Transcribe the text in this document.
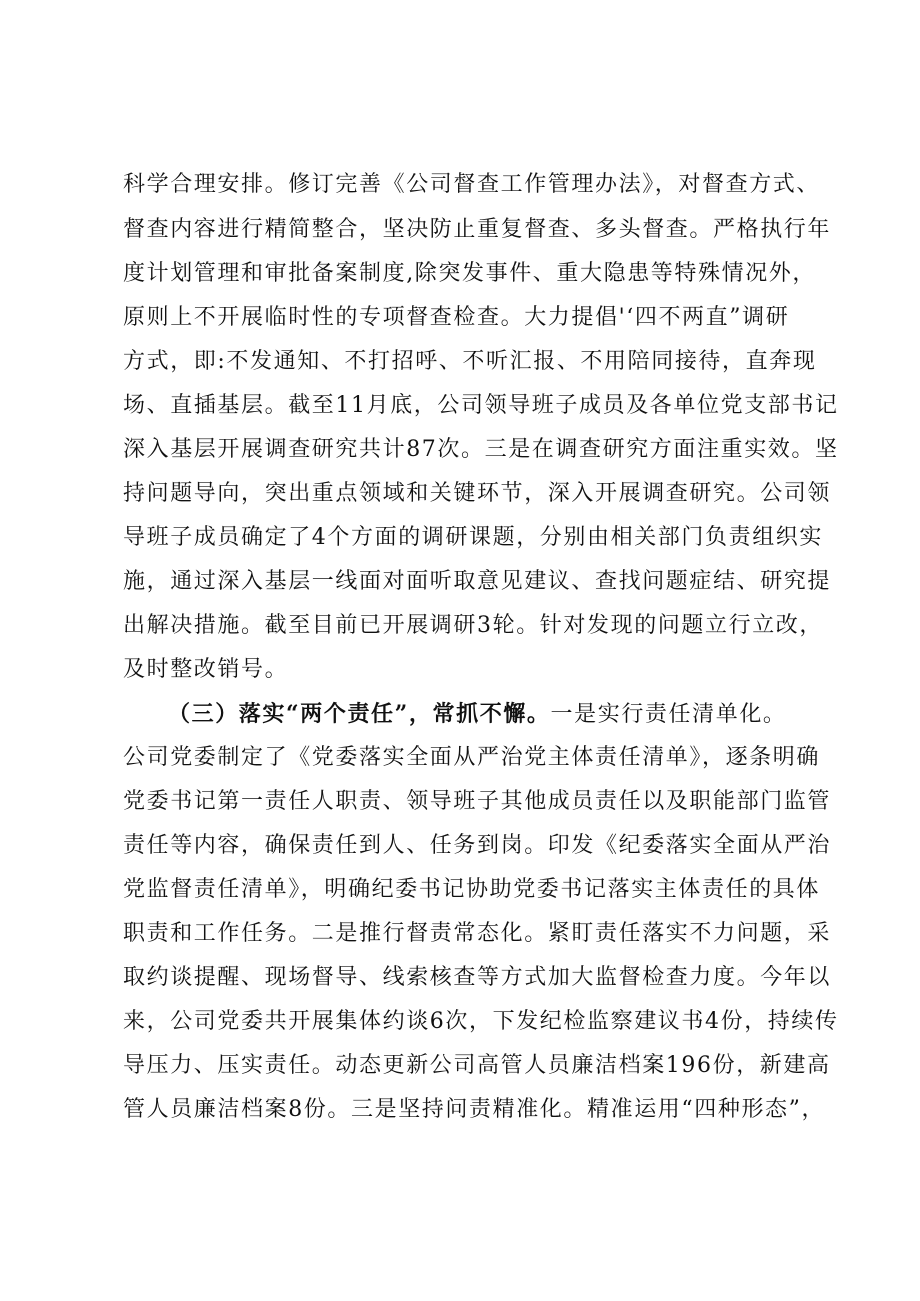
科学合理安排。修订完善《公司督查工作管理办法》，对督查方式、
督查内容进行精简整合，坚决防止重复督查、多头督查。严格执行年
度计划管理和审批备案制度,除突发事件、重大隐患等特殊情况外，
原则上不开展临时性的专项督查检查。大力提倡'‘四不两直”调研
方式，即:不发通知、不打招呼、不听汇报、不用陪同接待，直奔现
场、直插基层。截至11月底，公司领导班子成员及各单位党支部书记
深入基层开展调查研究共计87次。三是在调查研究方面注重实效。坚
持问题导向，突出重点领域和关键环节，深入开展调查研究。公司领
导班子成员确定了4个方面的调研课题，分别由相关部门负责组织实
施，通过深入基层一线面对面听取意见建议、查找问题症结、研究提
出解决措施。截至目前已开展调研3轮。针对发现的问题立行立改，
及时整改销号。
（三）落实“两个责任”，常抓不懈。一是实行责任清单化。
公司党委制定了《党委落实全面从严治党主体责任清单》，逐条明确
党委书记第一责任人职责、领导班子其他成员责任以及职能部门监管
责任等内容，确保责任到人、任务到岗。印发《纪委落实全面从严治
党监督责任清单》，明确纪委书记协助党委书记落实主体责任的具体
职责和工作任务。二是推行督责常态化。紧盯责任落实不力问题，采
取约谈提醒、现场督导、线索核查等方式加大监督检查力度。今年以
来，公司党委共开展集体约谈6次，下发纪检监察建议书4份，持续传
导压力、压实责任。动态更新公司高管人员廉洁档案196份，新建高
管人员廉洁档案8份。三是坚持问责精准化。精准运用“四种形态”，
